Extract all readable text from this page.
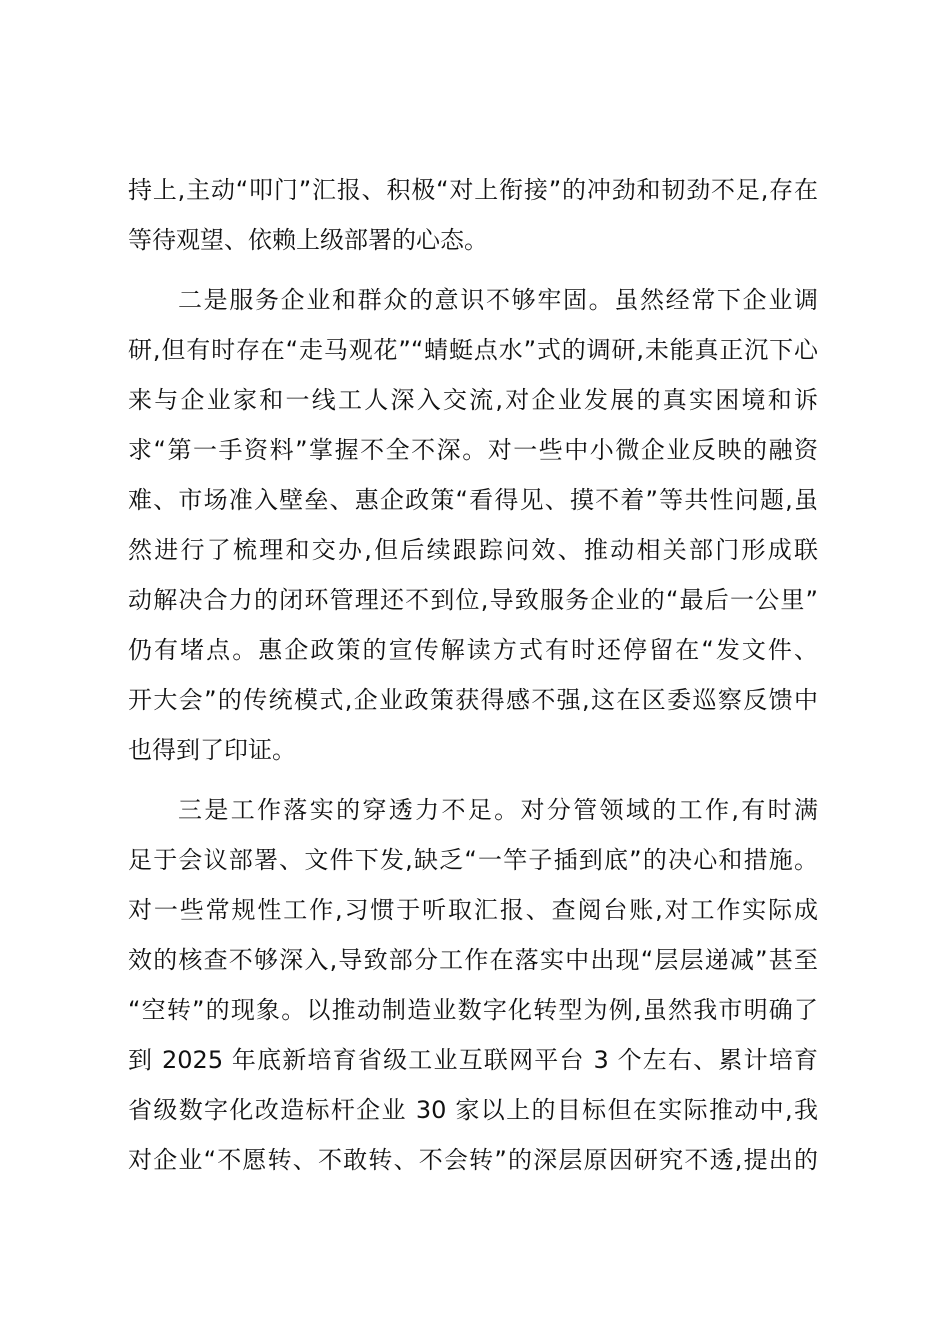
持上,主动“叩门”汇报、积极“对上衔接”的冲劲和韧劲不足,存在
等待观望、依赖上级部署的心态。
二是服务企业和群众的意识不够牢固。虽然经常下企业调
研,但有时存在“走马观花”“蜻蜓点水”式的调研,未能真正沉下心
来与企业家和一线工人深入交流,对企业发展的真实困境和诉
求“第一手资料”掌握不全不深。对一些中小微企业反映的融资
难、市场准入壁垒、惠企政策“看得见、摸不着”等共性问题,虽
然进行了梳理和交办,但后续跟踪问效、推动相关部门形成联
动解决合力的闭环管理还不到位,导致服务企业的“最后一公里”
仍有堵点。惠企政策的宣传解读方式有时还停留在“发文件、
开大会”的传统模式,企业政策获得感不强,这在区委巡察反馈中
也得到了印证。
三是工作落实的穿透力不足。对分管领域的工作,有时满
足于会议部署、文件下发,缺乏“一竿子插到底”的决心和措施。
对一些常规性工作,习惯于听取汇报、查阅台账,对工作实际成
效的核查不够深入,导致部分工作在落实中出现“层层递减”甚至
“空转”的现象。以推动制造业数字化转型为例,虽然我市明确了
到 2025 年底新培育省级工业互联网平台 3 个左右、累计培育
省级数字化改造标杆企业 30 家以上的目标但在实际推动中,我
对企业“不愿转、不敢转、不会转”的深层原因研究不透,提出的
